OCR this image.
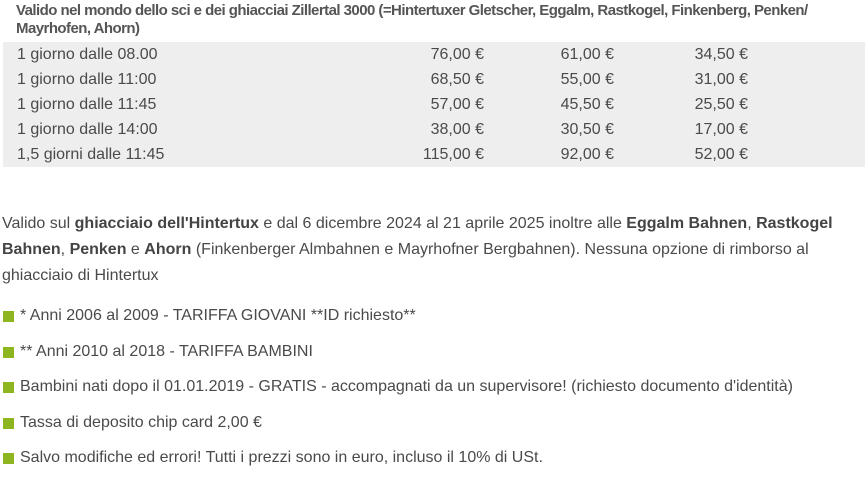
Valido nel mondo dello sci e dei ghiacciai Zillertal 3000 (=Hintertuxer Gletscher, Eggalm, Rastkogel, Finkenberg, Penken/ Mayrhofen, Ahorn)
1 giorno dalle 08.00	76,00 €	61,00 €	34,50 €
1 giorno dalle 11:00	68,50 €	55,00 €	31,00 €
1 giorno dalle 11:45	57,00 €	45,50 €	25,50 €
1 giorno dalle 14:00	38,00 €	30,50 €	17,00 €
1,5 giorni dalle 11:45	115,00 €	92,00 €	52,00 €
Valido sul ghiacciaio dell'Hintertux e dal 6 dicembre 2024 al 21 aprile 2025 inoltre alle Eggalm Bahnen, Rastkogel Bahnen, Penken e Ahorn (Finkenberger Almbahnen e Mayrhofner Bergbahnen). Nessuna opzione di rimborso al ghiacciaio di Hintertux
* Anni 2006 al 2009 - TARIFFA GIOVANI **ID richiesto**
** Anni 2010 al 2018 - TARIFFA BAMBINI
Bambini nati dopo il 01.01.2019 - GRATIS - accompagnati da un supervisore! (richiesto documento d'identità)
Tassa di deposito chip card 2,00 €
Salvo modifiche ed errori! Tutti i prezzi sono in euro, incluso il 10% di USt.
